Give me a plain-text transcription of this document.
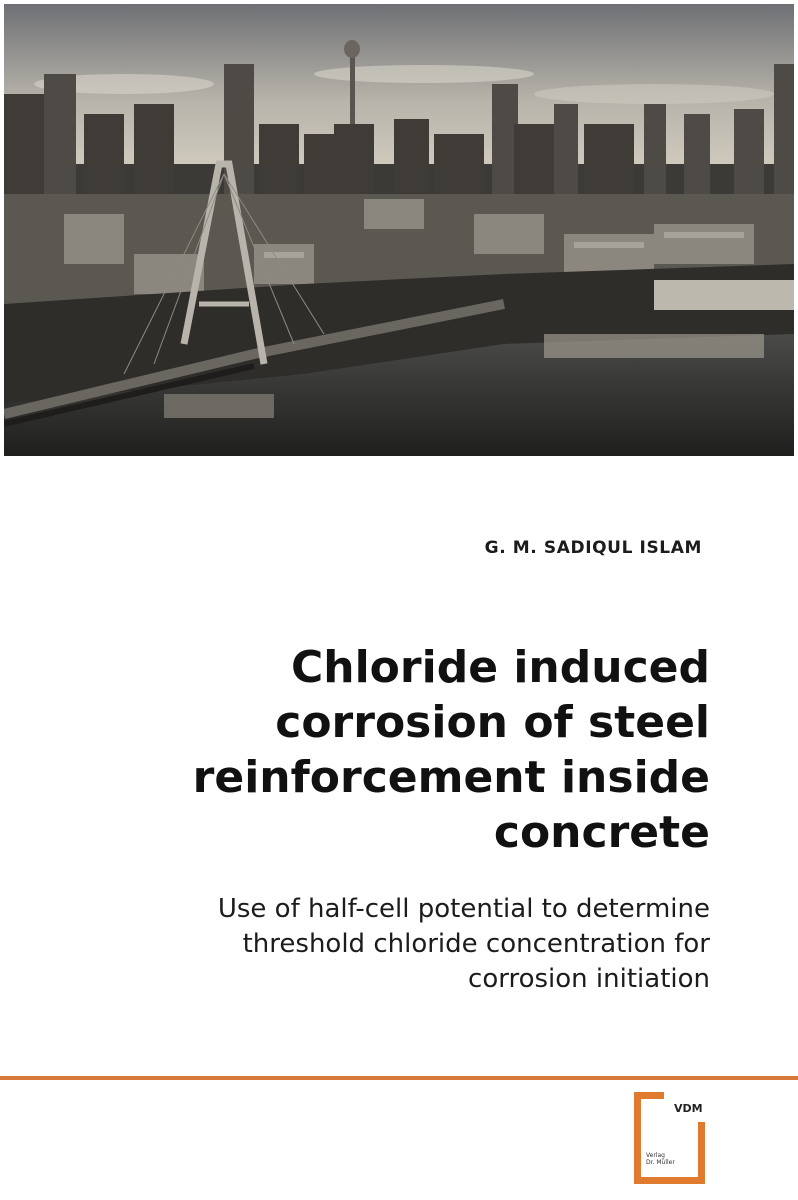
G. M. SADIQUL ISLAM
Chloride induced
corrosion of steel
reinforcement inside
concrete
Use of half-cell potential to determine
threshold chloride concentration for
corrosion initiation
VDM
Verlag
Dr. Müller
